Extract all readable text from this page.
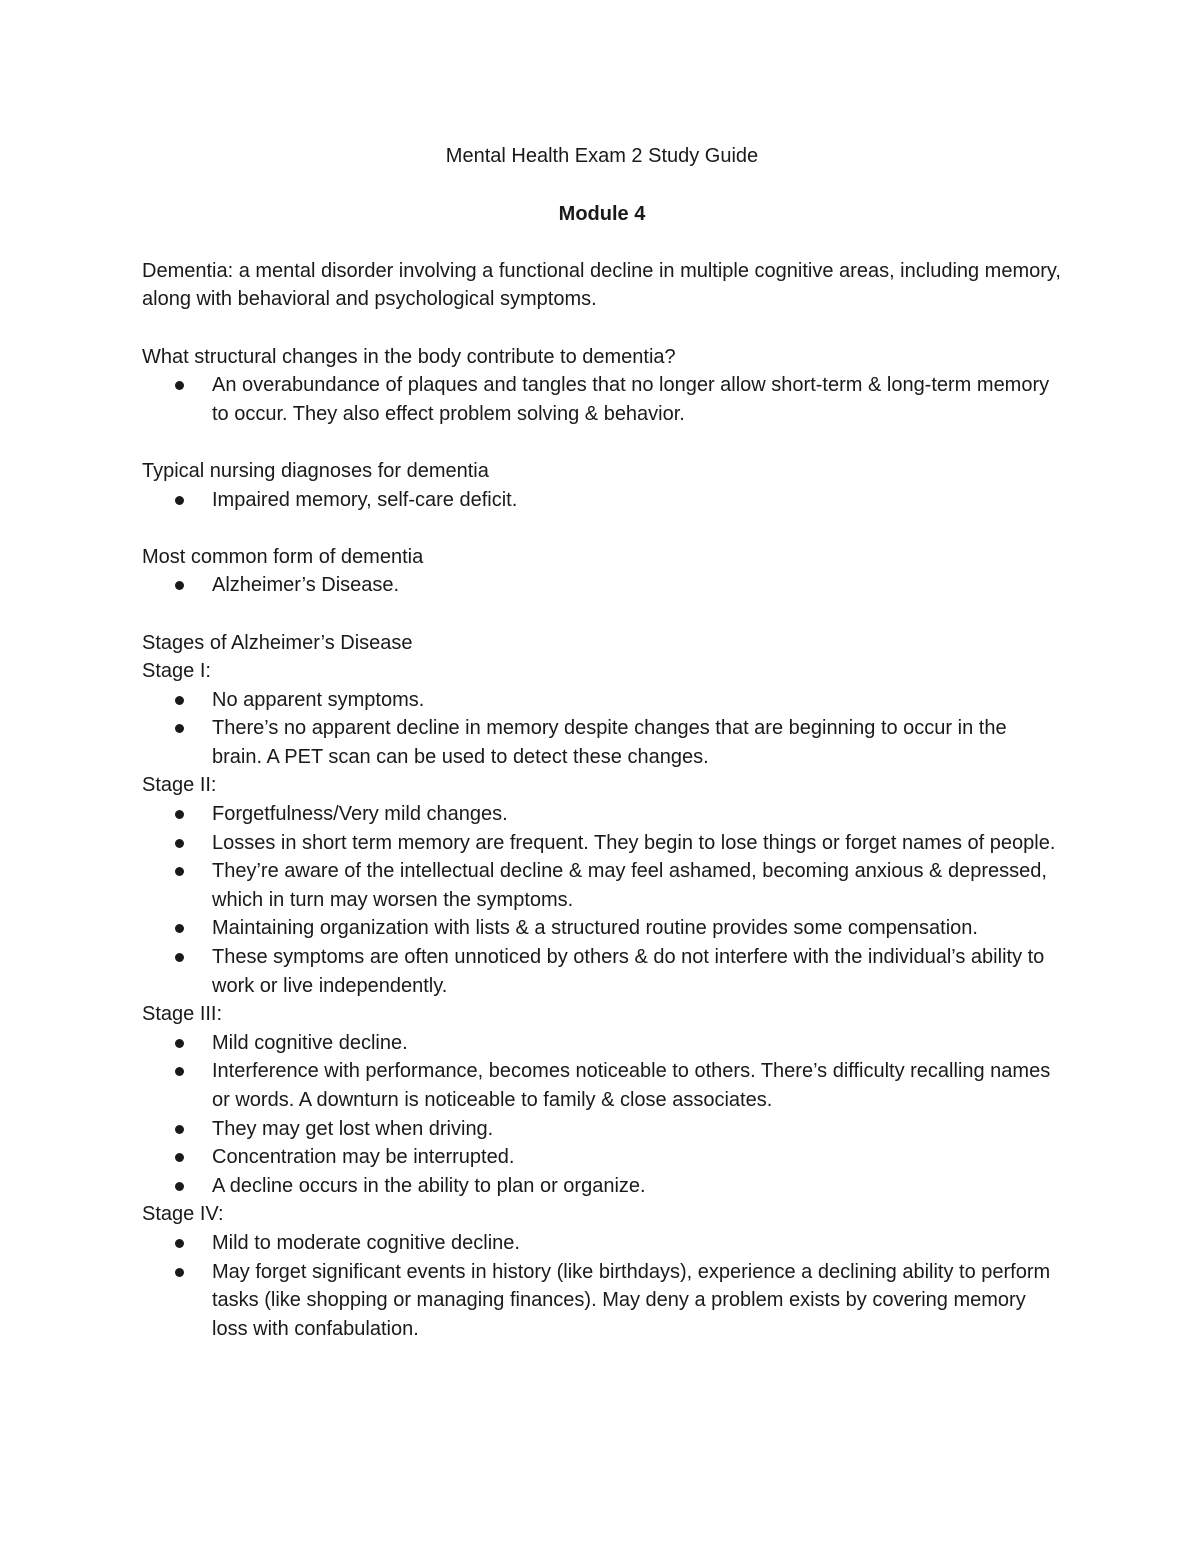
Mental Health Exam 2 Study Guide

Module 4

Dementia: a mental disorder involving a functional decline in multiple cognitive areas, including memory, along with behavioral and psychological symptoms.

What structural changes in the body contribute to dementia?

An overabundance of plaques and tangles that no longer allow short-term & long-term memory to occur. They also effect problem solving & behavior.

Typical nursing diagnoses for dementia

Impaired memory, self-care deficit.

Most common form of dementia

Alzheimer’s Disease.

Stages of Alzheimer’s Disease

Stage I:

No apparent symptoms.
There’s no apparent decline in memory despite changes that are beginning to occur in the brain. A PET scan can be used to detect these changes.

Stage II:

Forgetfulness/Very mild changes.
Losses in short term memory are frequent. They begin to lose things or forget names of people.
They’re aware of the intellectual decline & may feel ashamed, becoming anxious & depressed, which in turn may worsen the symptoms.
Maintaining organization with lists & a structured routine provides some compensation.
These symptoms are often unnoticed by others & do not interfere with the individual’s ability to work or live independently.

Stage III:

Mild cognitive decline.
Interference with performance, becomes noticeable to others. There’s difficulty recalling names or words. A downturn is noticeable to family & close associates.
They may get lost when driving.
Concentration may be interrupted.
A decline occurs in the ability to plan or organize.

Stage IV:

Mild to moderate cognitive decline.
May forget significant events in history (like birthdays), experience a declining ability to perform tasks (like shopping or managing finances). May deny a problem exists by covering memory loss with confabulation.
